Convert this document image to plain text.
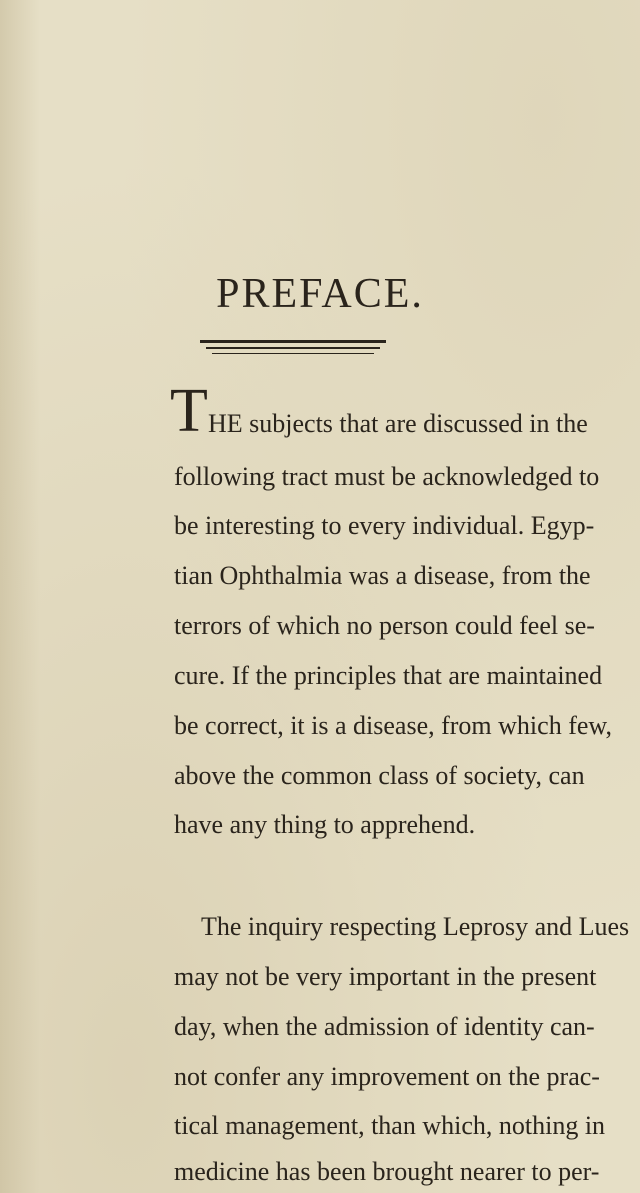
PREFACE.
T HE subjects that are discussed in the
following tract must be acknowledged to
be interesting to every individual. Egyp-
tian Ophthalmia was a disease, from the
terrors of which no person could feel se-
cure. If the principles that are maintained
be correct, it is a disease, from which few,
above the common class of society, can
have any thing to apprehend.
The inquiry respecting Leprosy and Lues
may not be very important in the present
day, when the admission of identity can-
not confer any improvement on the prac-
tical management, than which, nothing in
medicine has been brought nearer to per-
